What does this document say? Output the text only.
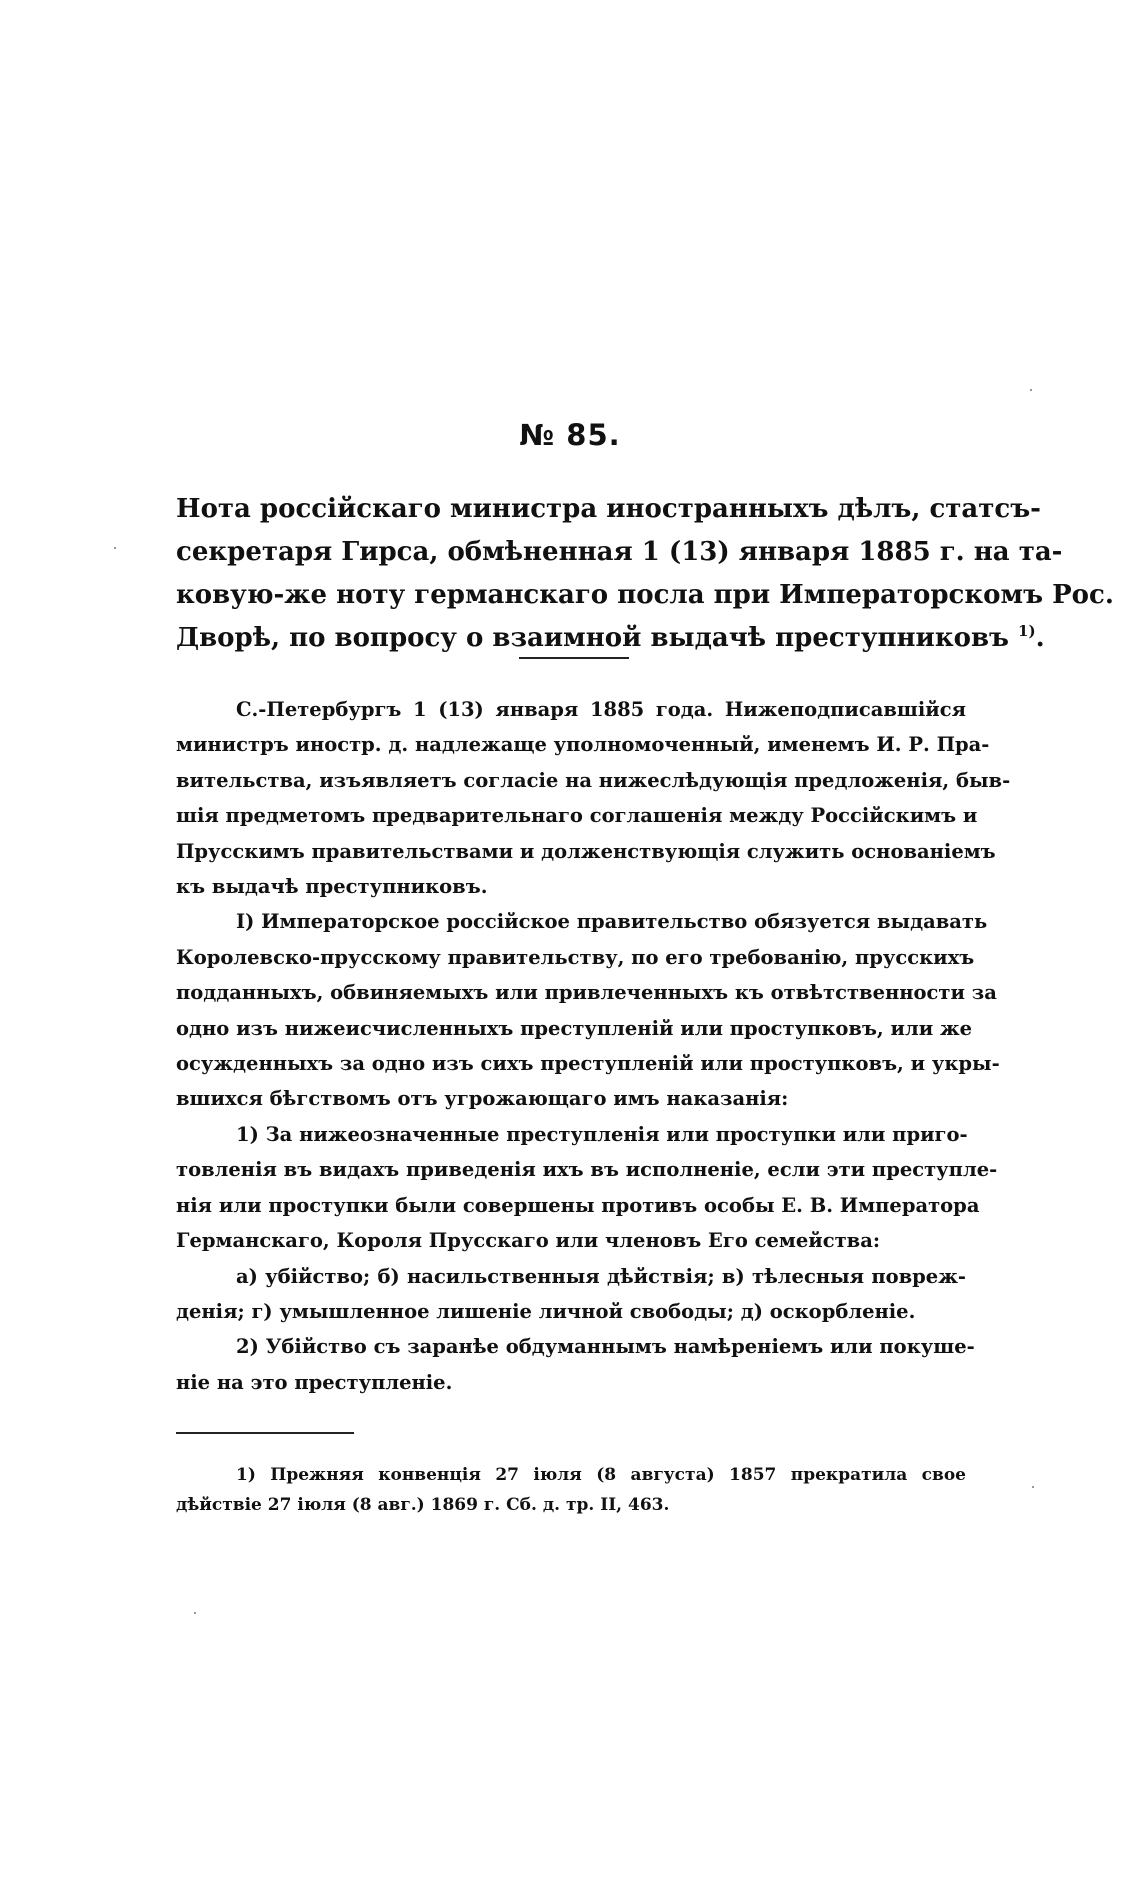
№ 85.
Нота россійскаго министра иностранныхъ дѣлъ, статсъ-
секретаря Гирса, обмѣненная 1 (13) января 1885 г. на та-
ковую-же ноту германскаго посла при Императорскомъ Рос.
Дворѣ, по вопросу о взаимной выдачѣ преступниковъ $^{1)}$.
С.-Петербургъ 1 (13) января 1885 года. Нижеподписавшійся
министръ иностр. д. надлежаще уполномоченный, именемъ И. Р. Пра-
вительства, изъявляетъ согласіе на нижеслѣдующія предложенія, быв-
шія предметомъ предварительнаго соглашенія между Россійскимъ и
Прусскимъ правительствами и долженствующія служить основаніемъ
къ выдачѣ преступниковъ.
I) Императорское россійское правительство обязуется выдавать
Королевско-прусскому правительству, по его требованію, прусскихъ
подданныхъ, обвиняемыхъ или привлеченныхъ къ отвѣтственности за
одно изъ нижеисчисленныхъ преступленій или проступковъ, или же
осужденныхъ за одно изъ сихъ преступленій или проступковъ, и укры-
вшихся бѣгствомъ отъ угрожающаго имъ наказанія:
1) За нижеозначенные преступленія или проступки или приго-
товленія въ видахъ приведенія ихъ въ исполненіе, если эти преступле-
нія или проступки были совершены противъ особы Е. В. Императора
Германскаго, Короля Прусскаго или членовъ Его семейства:
а) убійство; б) насильственныя дѣйствія; в) тѣлесныя повреж-
денія; г) умышленное лишеніе личной свободы; д) оскорбленіе.
2) Убійство съ заранѣе обдуманнымъ намѣреніемъ или покуше-
ніе на это преступленіе.
1) Прежняя конвенція 27 іюля (8 августа) 1857 прекратила свое
дѣйствіе 27 іюля (8 авг.) 1869 г. Сб. д. тр. II, 463.
